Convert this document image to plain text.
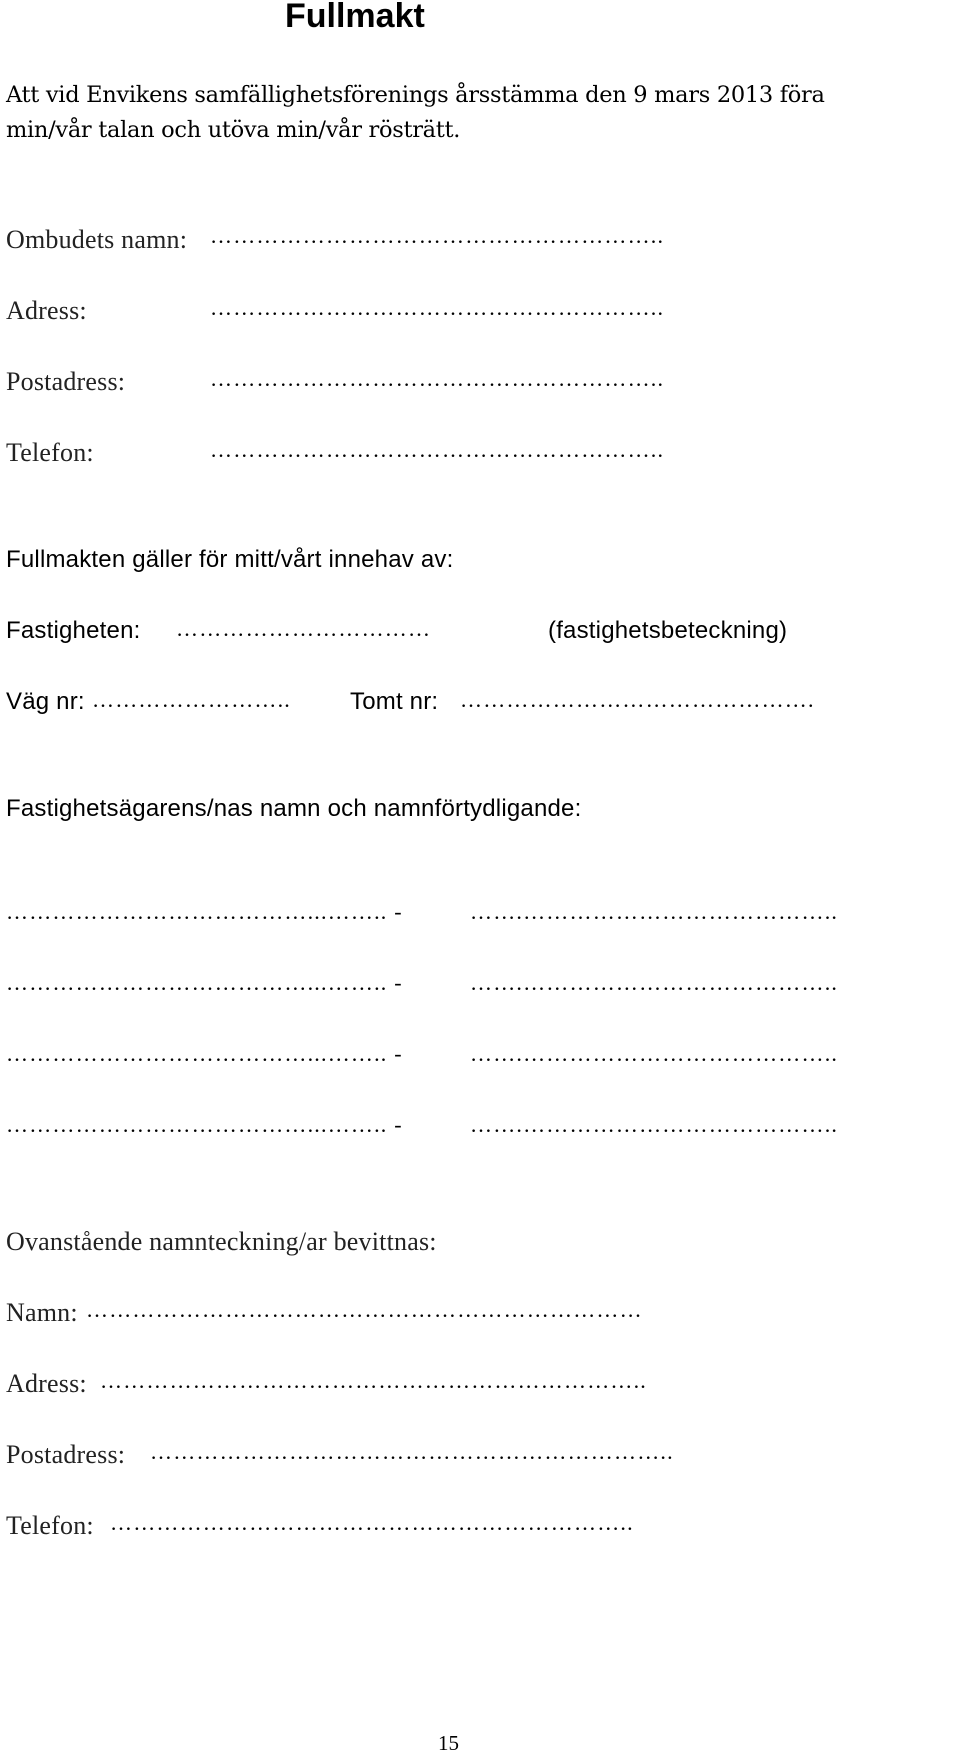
Fullmakt

Att vid Envikens samfällighetsförenings årsstämma den 9 mars 2013 föra

min/vår talan och utöva min/vår rösträtt.

Ombudets namn: …………………………………………………..
Adress:	…………………………………………………..
Postadress:	…………………………………………………..
Telefon:	…………………………………………………..
Fullmakten gäller för mitt/vårt innehav av:
Fastigheten: ……………………………	(fastighetsbeteckning)
Väg nr: …………………….. Tomt nr: ……………………………………….
Fastighetsägarens/nas namn och namnförtydligande:
…………………………………...…….. -	…….…………………………………..
…………………………………...…….. -	…….…………………………………..
…………………………………...…….. -	…….…………………………………..
…………………………………...…….. -	…….…………………………………..
Ovanstående namnteckning/ar bevittnas:
Namn: ………………………………………………………………
Adress: ……………………………………………………………..
Postadress: …………………………………………………………..
Telefon: …………………………………………………………..
15
